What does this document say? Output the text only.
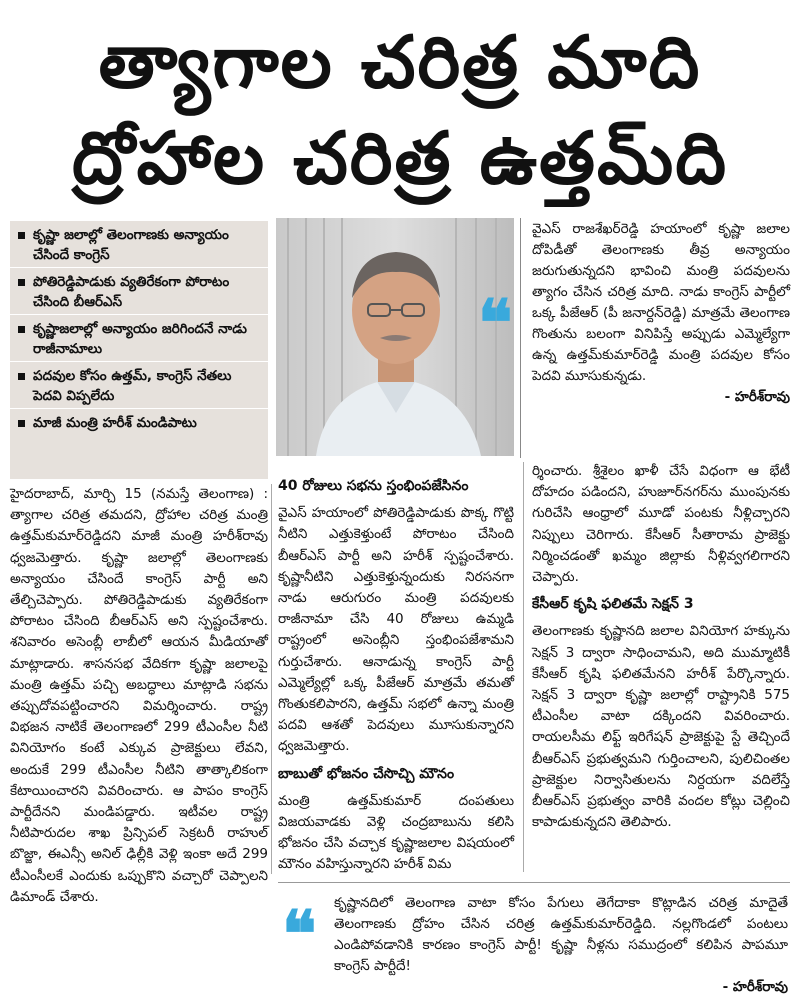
త్యాగాల చరిత్ర మాది
ద్రోహాల చరిత్ర ఉత్తమ్‌ది
కృష్ణా జలాల్లో తెలంగాణకు అన్యాయం చేసిందే కాంగ్రెస్
పోతిరెడ్డిపాడుకు వ్యతిరేకంగా పోరాటం చేసింది బీఆర్ఎస్
కృష్ణాజలాల్లో అన్యాయం జరిగిందనే నాడు రాజీనామాలు
పదవుల కోసం ఉత్తమ్, కాంగ్రెస్ నేతలు పెదవి విప్పలేదు
మాజీ మంత్రి హరీశ్ మండిపాటు
❝
వైఎస్ రాజశేఖర్‌రెడ్డి హయాంలో కృష్ణా జలాల దోపిడీతో తెలంగాణకు తీవ్ర అన్యాయం జరుగుతున్నదని భావించి మంత్రి పదవులను త్యాగం చేసిన చరిత్ర మాది. నాడు కాంగ్రెస్ పార్టీలో ఒక్క పీజేఆర్ (పీ జనార్దన్‌రెడ్డి) మాత్రమే తెలంగాణ గొంతును బలంగా వినిపిస్తే అప్పుడు ఎమ్మెల్యేగా ఉన్న ఉత్తమ్‌కుమార్‌రెడ్డి మంత్రి పదవుల కోసం పెదవి మూసుకున్నడు.
- హరీశ్‌రావు

హైదరాబాద్, మార్చి 15 (నమస్తే తెలంగాణ) : త్యాగాల చరిత్ర తమదని, ద్రోహాల చరిత్ర మంత్రి ఉత్తమ్‌కుమార్‌రెడ్డిదని మాజీ మంత్రి హరీశ్‌రావు ధ్వజమెత్తారు. కృష్ణా జలాల్లో తెలంగాణకు అన్యాయం చేసిందే కాంగ్రెస్ పార్టీ అని తేల్చిచెప్పారు. పోతిరెడ్డిపాడుకు వ్యతిరేకంగా పోరాటం చేసింది బీఆర్ఎస్ అని స్పష్టంచేశారు. శనివారం అసెంబ్లీ లాబీలో ఆయన మీడియాతో మాట్లాడారు. శాసనసభ వేదికగా కృష్ణా జలాలపై మంత్రి ఉత్తమ్ పచ్చి అబద్ధాలు మాట్లాడి సభను తప్పుదోవపట్టించారని విమర్శించారు. రాష్ట్ర విభజన నాటికే తెలంగాణలో 299 టీఎంసీల నీటి వినియోగం కంటే ఎక్కువ ప్రాజెక్టులు లేవని, అందుకే 299 టీఎంసీల నీటిని తాత్కాలికంగా కేటాయించారని వివరించారు. ఆ పాపం కాంగ్రెస్ పార్టీదేనని మండిపడ్డారు. ఇటీవల రాష్ట్ర నీటిపారుదల శాఖ ప్రిన్సిపల్ సెక్రటరీ రాహుల్ బొజ్జా, ఈఎన్సీ అనిల్ ఢిల్లీకి వెళ్లి ఇంకా అదే 299 టీఎంసీలకే ఎందుకు ఒప్పుకొని వచ్చారో చెప్పాలని డిమాండ్ చేశారు.

40 రోజులు సభను స్తంభింపజేసినం

వైఎస్ హయాంలో పోతిరెడ్డిపాడుకు పొక్క గొట్టి నీటిని ఎత్తుకెళ్తుంటే పోరాటం చేసింది బీఆర్ఎస్ పార్టీ అని హరీశ్ స్పష్టంచేశారు. కృష్ణానీటిని ఎత్తుకెళ్తున్నందుకు నిరసనగా నాడు ఆరుగురం మంత్రి పదవులకు రాజీనామా చేసి 40 రోజులు ఉమ్మడి రాష్ట్రంలో అసెంబ్లీని స్తంభింపజేశామని గుర్తుచేశారు. ఆనాడున్న కాంగ్రెస్ పార్టీ ఎమ్మెల్యేల్లో ఒక్క పీజేఆర్ మాత్రమే తమతో గొంతుకలిపారని, ఉత్తమ్ సభలో ఉన్నా మంత్రి పదవి ఆశతో పెదవులు మూసుకున్నారని ధ్వజమెత్తారు.

బాబుతో భోజనం చేసొచ్చి మౌనం

మంత్రి ఉత్తమ్‌కుమార్ దంపతులు విజయవాడకు వెళ్లి చంద్రబాబును కలిసి భోజనం చేసి వచ్చాక కృష్ణాజలాల విషయంలో మౌనం వహిస్తున్నారని హరీశ్ విమ

ర్శించారు. శ్రీశైలం ఖాళీ చేసే విధంగా ఆ భేటీ దోహదం పడిందని, హుజూర్‌నగర్‌ను ముంపునకు గురిచేసి ఆంధ్రాలో మూడో పంటకు నీళ్లిచ్చారని నిప్పులు చెరిగారు. కేసీఆర్ సీతారామ ప్రాజెక్టు నిర్మించడంతో ఖమ్మం జిల్లాకు నీళ్లివ్వగలిగారని చెప్పారు.

కేసీఆర్ కృషి ఫలితమే సెక్షన్ 3

తెలంగాణకు కృష్ణానది జలాల వినియోగ హక్కును సెక్షన్ 3 ద్వారా సాధించామని, అది ముమ్మాటికీ కేసీఆర్ కృషి ఫలితమేనని హరీశ్ పేర్కొన్నారు. సెక్షన్ 3 ద్వారా కృష్ణా జలాల్లో రాష్ట్రానికి 575 టీఎంసీల వాటా దక్కిందని వివరించారు. రాయలసీమ లిఫ్ట్ ఇరిగేషన్ ప్రాజెక్టుపై స్టే తెచ్చిందే బీఆర్ఎస్ ప్రభుత్వమని గుర్తించాలని, పులిచింతల ప్రాజెక్టుల నిర్వాసితులను నిర్దయగా వదిలేస్తే బీఆర్ఎస్ ప్రభుత్వం వారికి వందల కోట్లు చెల్లించి కాపాడుకున్నదని తెలిపారు.

❝ కృష్ణానదిలో తెలంగాణ వాటా కోసం పేగులు తెగేదాకా కొట్లాడిన చరిత్ర మాదైతే తెలంగాణకు ద్రోహం చేసిన చరిత్ర ఉత్తమ్‌కుమార్‌రెడ్డిది. నల్లగొండలో పంటలు ఎండిపోవడానికి కారణం కాంగ్రెస్ పార్టీ! కృష్ణా నీళ్లను సముద్రంలో కలిపిన పాపమూ కాంగ్రెస్ పార్టీదే!
- హరీశ్‌రావు
